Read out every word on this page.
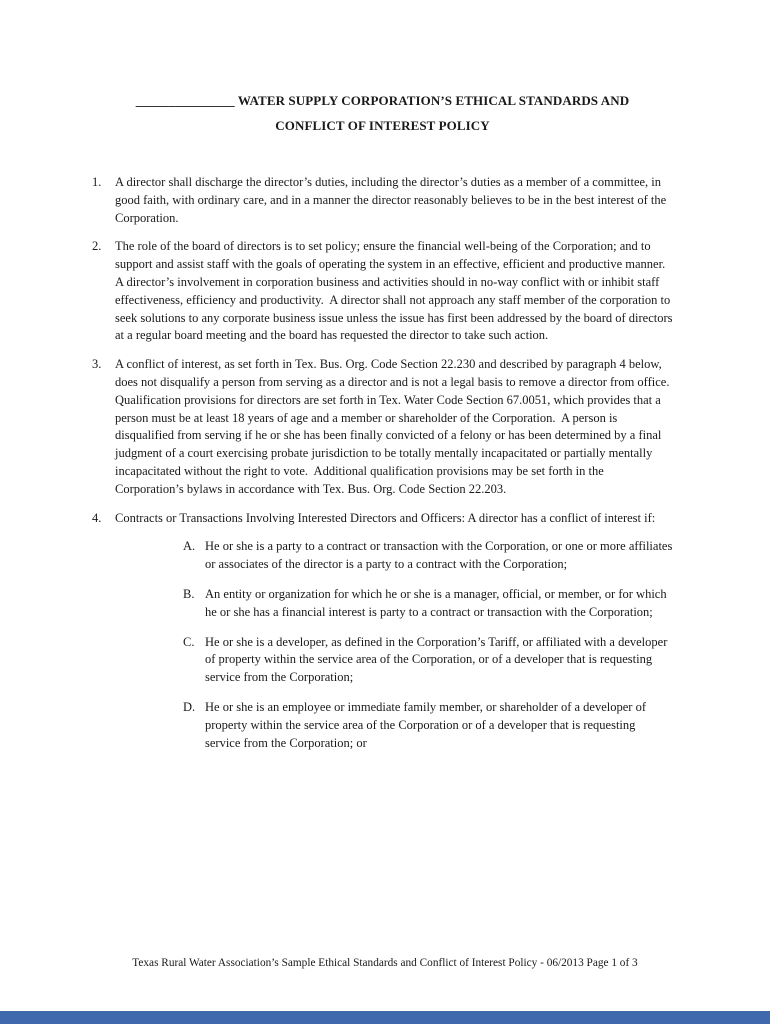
_______________ WATER SUPPLY CORPORATION’S ETHICAL STANDARDS AND
CONFLICT OF INTEREST POLICY
1.	A director shall discharge the director’s duties, including the director’s duties as a member of a committee, in good faith, with ordinary care, and in a manner the director reasonably believes to be in the best interest of the Corporation.
2.	The role of the board of directors is to set policy; ensure the financial well-being of the Corporation; and to support and assist staff with the goals of operating the system in an effective, efficient and productive manner.  A director’s involvement in corporation business and activities should in no-way conflict with or inhibit staff effectiveness, efficiency and productivity.  A director shall not approach any staff member of the corporation to seek solutions to any corporate business issue unless the issue has first been addressed by the board of directors at a regular board meeting and the board has requested the director to take such action.
3.	A conflict of interest, as set forth in Tex. Bus. Org. Code Section 22.230 and described by paragraph 4 below, does not disqualify a person from serving as a director and is not a legal basis to remove a director from office.  Qualification provisions for directors are set forth in Tex. Water Code Section 67.0051, which provides that a person must be at least 18 years of age and a member or shareholder of the Corporation.  A person is disqualified from serving if he or she has been finally convicted of a felony or has been determined by a final judgment of a court exercising probate jurisdiction to be totally mentally incapacitated or partially mentally incapacitated without the right to vote.  Additional qualification provisions may be set forth in the Corporation’s bylaws in accordance with Tex. Bus. Org. Code Section 22.203.
4.	Contracts or Transactions Involving Interested Directors and Officers: A director has a conflict of interest if:
A. He or she is a party to a contract or transaction with the Corporation, or one or more affiliates or associates of the director is a party to a contract with the Corporation;
B. An entity or organization for which he or she is a manager, official, or member, or for which he or she has a financial interest is party to a contract or transaction with the Corporation;
C. He or she is a developer, as defined in the Corporation’s Tariff, or affiliated with a developer of property within the service area of the Corporation, or of a developer that is requesting service from the Corporation;
D. He or she is an employee or immediate family member, or shareholder of a developer of property within the service area of the Corporation or of a developer that is requesting service from the Corporation; or
Texas Rural Water Association’s Sample Ethical Standards and Conflict of Interest Policy - 06/2013 Page 1 of 3
